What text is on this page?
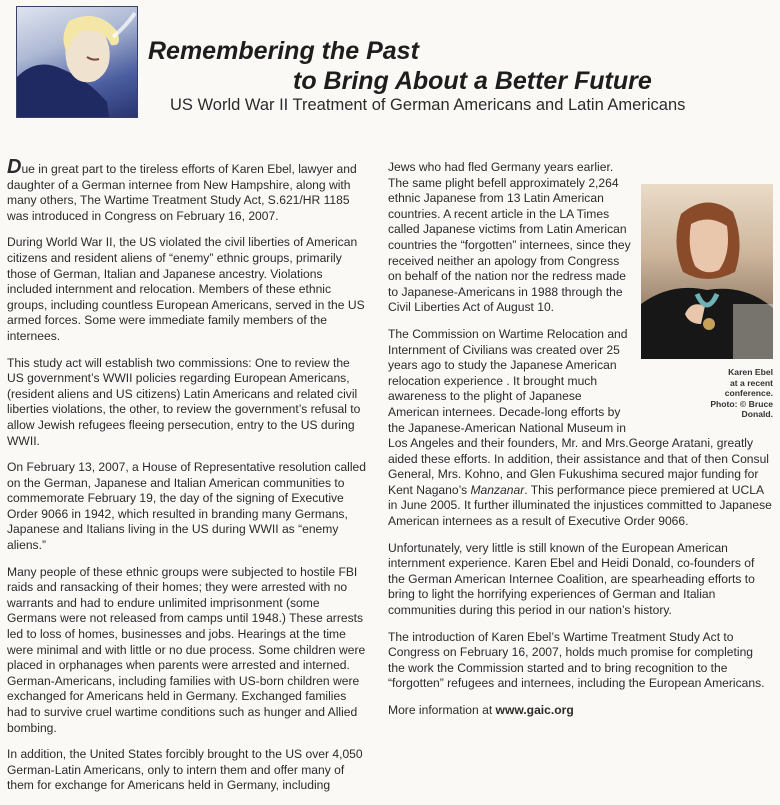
Remembering the Past
to Bring About a Better Future

US World War II Treatment of German Americans and Latin Americans

Due in great part to the tireless efforts of Karen Ebel, lawyer and daughter of a German internee from New Hampshire, along with many others, The Wartime Treatment Study Act, S.621/HR 1185 was introduced in Congress on February 16, 2007.

During World War II, the US violated the civil liberties of American citizens and resident aliens of “enemy” ethnic groups, primarily those of German, Italian and Japanese ancestry. Violations included internment and relocation. Members of these ethnic groups, including countless European Americans, served in the US armed forces. Some were immediate family members of the internees.

This study act will establish two commissions: One to review the US government’s WWII policies regarding European Americans, (resident aliens and US citizens) Latin Americans and related civil liberties violations, the other, to review the government’s refusal to allow Jewish refugees fleeing persecution, entry to the US during WWII.

On February 13, 2007, a House of Representative resolution called on the German, Japanese and Italian American communities to commemorate February 19, the day of the signing of Executive Order 9066 in 1942, which resulted in branding many Germans, Japanese and Italians living in the US during WWII as “enemy aliens.”

Many people of these ethnic groups were subjected to hostile FBI raids and ransacking of their homes; they were arrested with no warrants and had to endure unlimited imprisonment (some Germans were not released from camps until 1948.) These arrests led to loss of homes, businesses and jobs. Hearings at the time were minimal and with little or no due process. Some children were placed in orphanages when parents were arrested and interned. German-Americans, including families with US-born children were exchanged for Americans held in Germany. Exchanged families had to survive cruel wartime conditions such as hunger and Allied bombing.

In addition, the United States forcibly brought to the US over 4,050 German-Latin Americans, only to intern them and offer many of them for exchange for Americans held in Germany, including

Karen Ebel
at a recent
conference.
Photo: © Bruce
Donald.

Jews who had fled Germany years earlier. The same plight befell approximately 2,264 ethnic Japanese from 13 Latin American countries. A recent article in the LA Times called Japanese victims from Latin American countries the “forgotten” internees, since they received neither an apology from Congress on behalf of the nation nor the redress made to Japanese-Americans in 1988 through the Civil Liberties Act of August 10.

The Commission on Wartime Relocation and Internment of Civilians was created over 25 years ago to study the Japanese American relocation experience . It brought much awareness to the plight of Japanese American internees. Decade-long efforts by the Japanese-American National Museum in Los Angeles and their founders, Mr. and Mrs.George Aratani, greatly aided these efforts. In addition, their assistance and that of then Consul General, Mrs. Kohno, and Glen Fukushima secured major funding for Kent Nagano’s Manzanar. This performance piece premiered at UCLA in June 2005. It further illuminated the injustices committed to Japanese American internees as a result of Executive Order 9066.

Unfortunately, very little is still known of the European American internment experience. Karen Ebel and Heidi Donald, co-founders of the German American Internee Coalition, are spearheading efforts to bring to light the horrifying experiences of German and Italian communities during this period in our nation’s history.

The introduction of Karen Ebel’s Wartime Treatment Study Act to Congress on February 16, 2007, holds much promise for completing the work the Commission started and to bring recognition to the “forgotten” refugees and internees, including the European Americans.

More information at www.gaic.org
